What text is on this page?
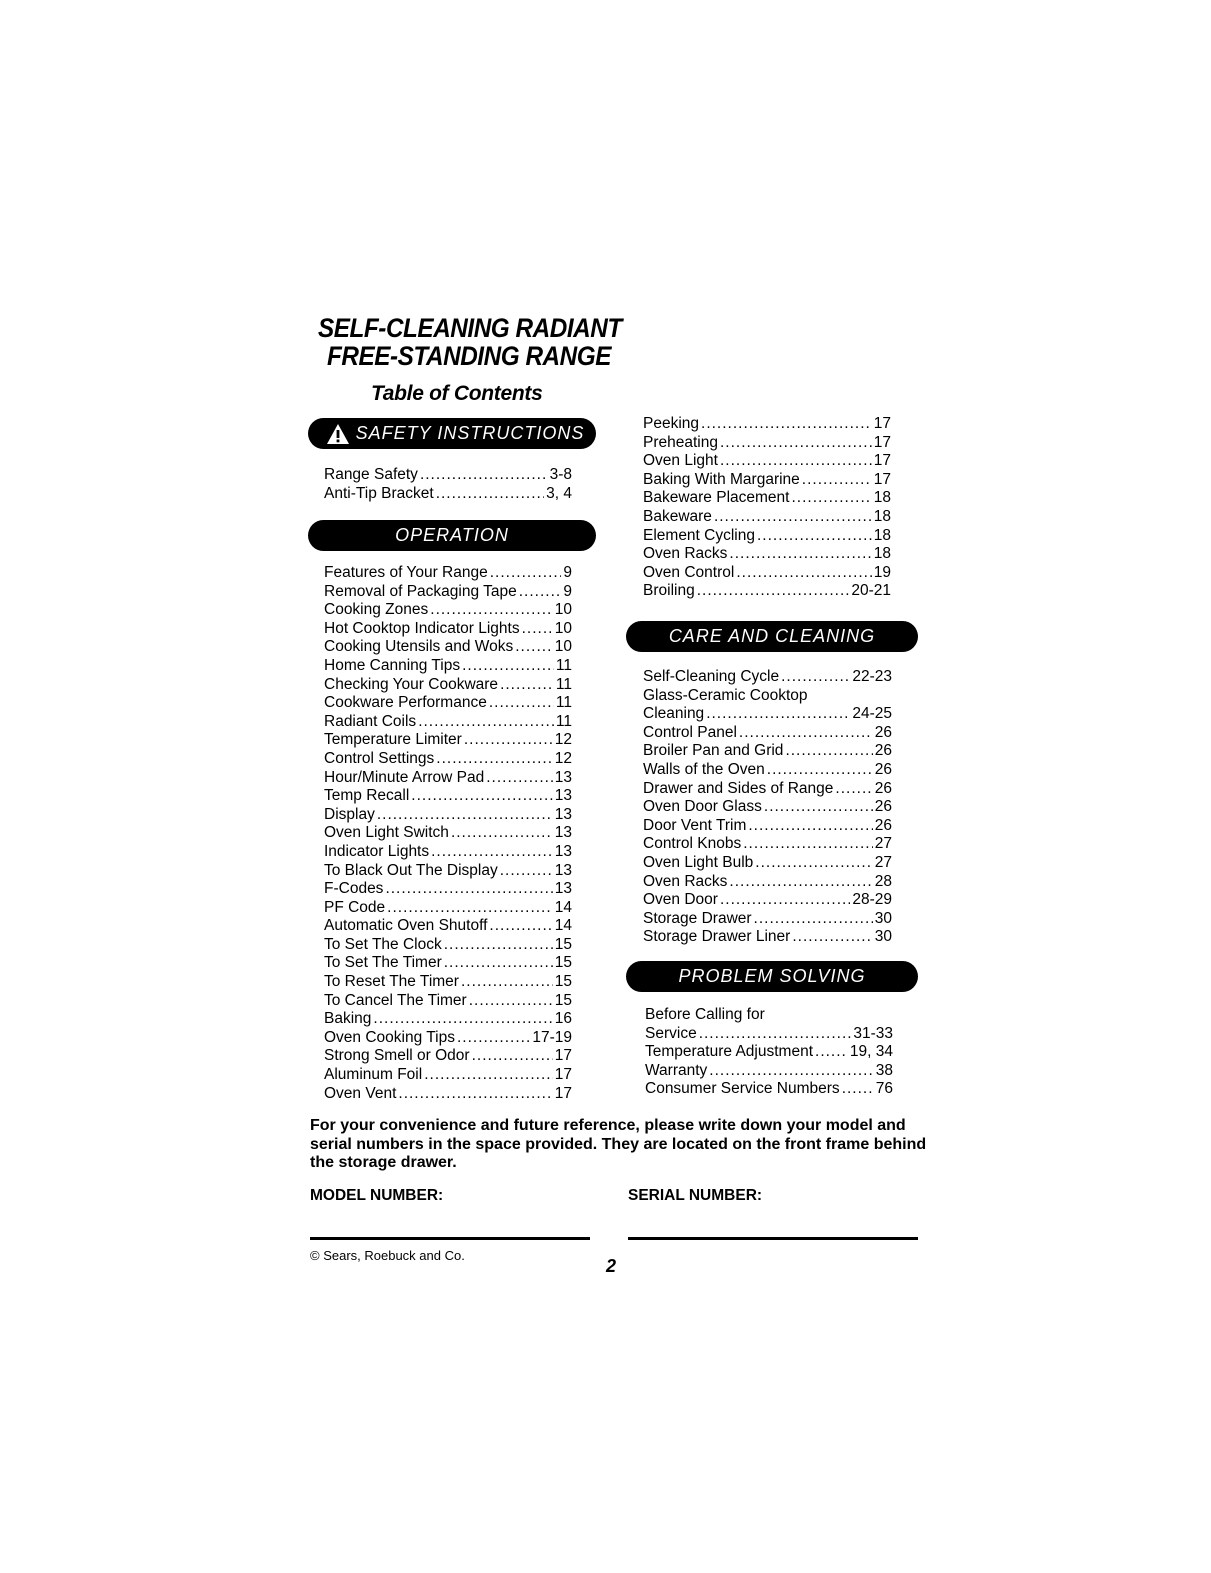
SELF-CLEANING RADIANT

FREE-STANDING RANGE
Table of Contents
SAFETY INSTRUCTIONS
Range Safety .....	3-8
Anti-Tip Bracket .....	3, 4
OPERATION
Features of Your Range .....	9
Removal of Packaging Tape .....	9
Cooking Zones .....	10
Hot Cooktop Indicator Lights ..... 10
Cooking Utensils and Woks .....	10
Home Canning Tips .....	11
Checking Your Cookware .....	11
Cookware Performance .....	11
Radiant Coils .....	11
Temperature Limiter .....	12
Control Settings .....	12
Hour/Minute Arrow Pad .....	13
Temp Recall .....	13
Display .....	13
Oven Light Switch .....	13
Indicator Lights .....	13
To Black Out The Display .....	13
F-Codes .....	13
PF Code .....	14
Automatic Oven Shutoff .....	14
To Set The Clock .....	15
To Set The Timer .....	15
To Reset The Timer .....	15
To Cancel The Timer .....	15
Baking .....	16
Oven Cooking Tips .....	17-19
Strong Smell or Odor .....	17
Aluminum Foil .....	17
Oven Vent .....	17
Peeking .....	17
Preheating .....	17
Oven Light .....	17
Baking With Margarine .....	17
Bakeware Placement .....	18
Bakeware .....	18
Element Cycling .....	18
Oven Racks .....	18
Oven Control .....	19
Broiling .....	20-21
CARE AND CLEANING
Self-Cleaning Cycle .....	22-23
Glass-Ceramic Cooktop
Cleaning .....	24-25
Control Panel .....	26
Broiler Pan and Grid .....	26
Walls of the Oven .....	26
Drawer and Sides of Range .....	26
Oven Door Glass .....	26
Door Vent Trim .....	26
Control Knobs .....	27
Oven Light Bulb .....	27
Oven Racks .....	28
Oven Door .....	28-29
Storage Drawer .....	30
Storage Drawer Liner .....	30
PROBLEM SOLVING
Before Calling for
Service .....	31-33
Temperature Adjustment ..... 19, 34
Warranty .....	38
Consumer Service Numbers ..... 76
For your convenience and future reference, please write down your model and serial numbers in the space provided. They are located on the front frame behind the storage drawer.
MODEL NUMBER:	SERIAL NUMBER:
© Sears, Roebuck and Co.
2
